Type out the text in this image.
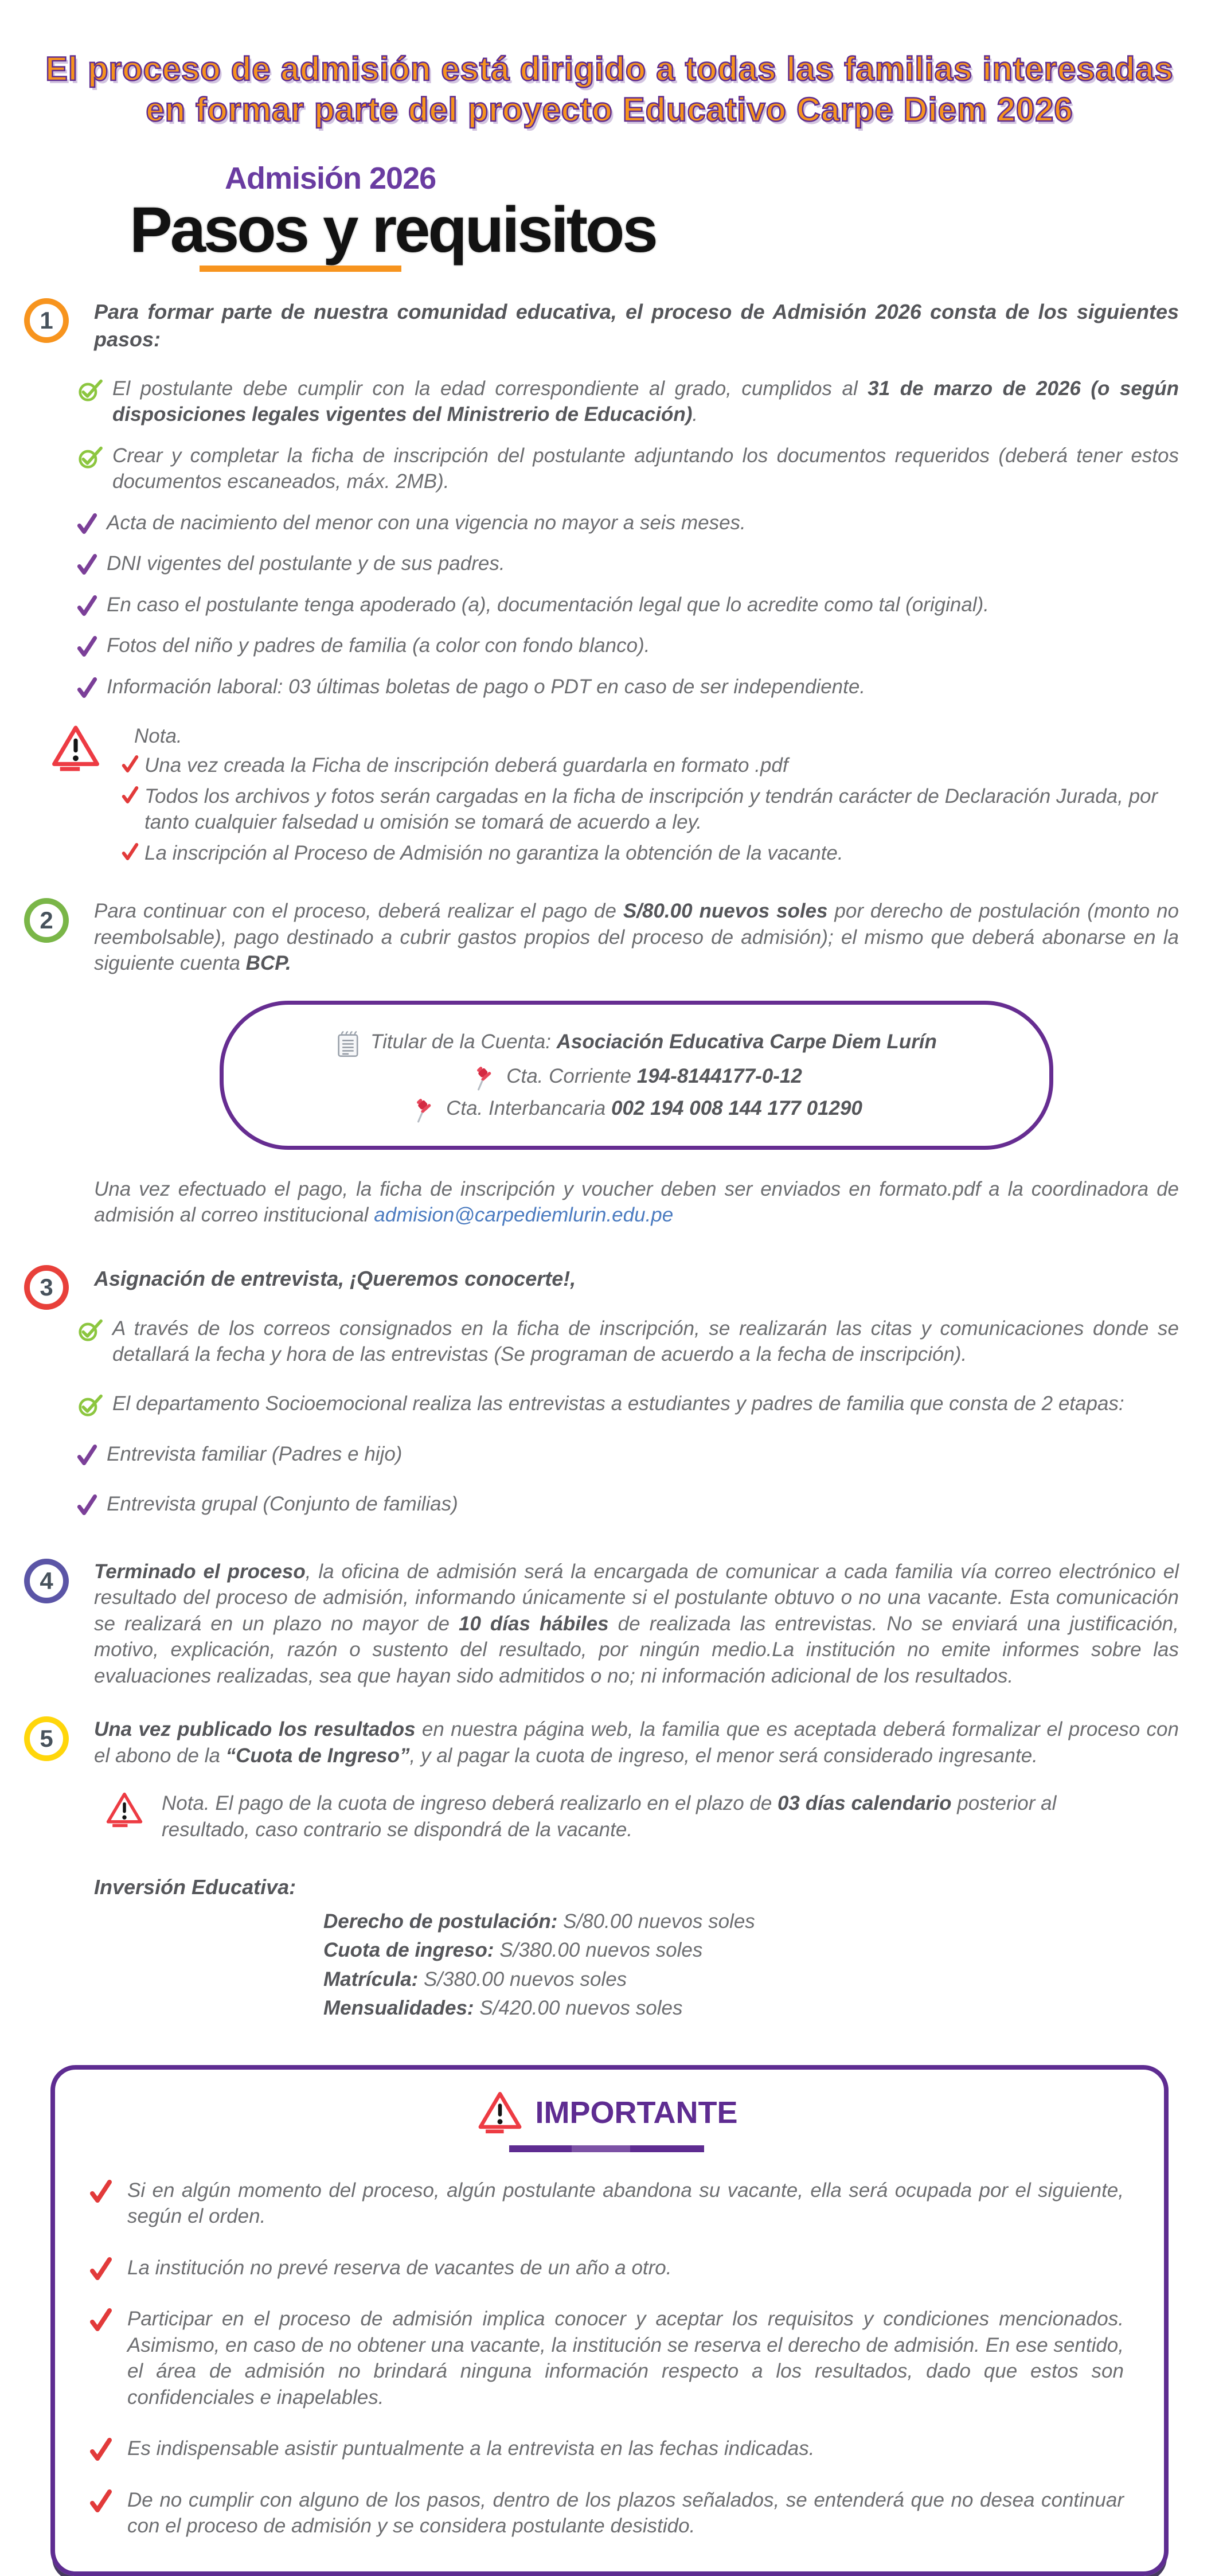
El proceso de admisión está dirigido a todas las familias interesadas
en formar parte del proyecto Educativo Carpe Diem 2026
Admisión 2026
Pasos y requisitos
1 Para formar parte de nuestra comunidad educativa, el proceso de Admisión 2026 consta de los siguientes pasos:

El postulante debe cumplir con la edad correspondiente al grado, cumplidos al 31 de marzo de 2026 (o según disposiciones legales vigentes del Ministrerio de Educación).

Crear y completar la ficha de inscripción del postulante adjuntando los documentos requeridos (deberá tener estos documentos escaneados, máx. 2MB).

Acta de nacimiento del menor con una vigencia no mayor a seis meses.

DNI vigentes del postulante y de sus padres.

En caso el postulante tenga apoderado (a), documentación legal que lo acredite como tal (original).

Fotos del niño y padres de familia (a color con fondo blanco).

Información laboral: 03 últimas boletas de pago o PDT en caso de ser independiente.

Nota.

Una vez creada la Ficha de inscripción deberá guardarla en formato .pdf

Todos los archivos y fotos serán cargadas en la ficha de inscripción y tendrán carácter de Declaración Jurada, por tanto cualquier falsedad u omisión se tomará de acuerdo a ley.

La inscripción al Proceso de Admisión no garantiza la obtención de la vacante.

2 Para continuar con el proceso, deberá realizar el pago de S/80.00 nuevos soles por derecho de postulación (monto no reembolsable), pago destinado a cubrir gastos propios del proceso de admisión); el mismo que deberá abonarse en la siguiente cuenta BCP.

Titular de la Cuenta: Asociación Educativa Carpe Diem Lurín

Cta. Corriente 194-8144177-0-12

Cta. Interbancaria 002 194 008 144 177 01290

Una vez efectuado el pago, la ficha de inscripción y voucher deben ser enviados en formato.pdf a la coordinadora de admisión al correo institucional admision@carpediemlurin.edu.pe

3 Asignación de entrevista, ¡Queremos conocerte!,

A través de los correos consignados en la ficha de inscripción, se realizarán las citas y comunicaciones donde se detallará la fecha y hora de las entrevistas (Se programan de acuerdo a la fecha de inscripción).

El departamento Socioemocional realiza las entrevistas a estudiantes y padres de familia que consta de 2 etapas:

Entrevista familiar (Padres e hijo)

Entrevista grupal (Conjunto de familias)

4 Terminado el proceso, la oficina de admisión será la encargada de comunicar a cada familia vía correo electrónico el resultado del proceso de admisión, informando únicamente si el postulante obtuvo o no una vacante. Esta comunicación se realizará en un plazo no mayor de 10 días hábiles de realizada las entrevistas. No se enviará una justificación, motivo, explicación, razón o sustento del resultado, por ningún medio.La institución no emite informes sobre las evaluaciones realizadas, sea que hayan sido admitidos o no; ni información adicional de los resultados.

5 Una vez publicado los resultados en nuestra página web, la familia que es aceptada deberá formalizar el proceso con el abono de la “Cuota de Ingreso”, y al pagar la cuota de ingreso, el menor será considerado ingresante.

Nota. El pago de la cuota de ingreso deberá realizarlo en el plazo de 03 días calendario posterior al resultado, caso contrario se dispondrá de la vacante.

Inversión Educativa:

Derecho de postulación: S/80.00 nuevos soles

Cuota de ingreso: S/380.00 nuevos soles

Matrícula: S/380.00 nuevos soles

Mensualidades: S/420.00 nuevos soles

IMPORTANTE

Si en algún momento del proceso, algún postulante abandona su vacante, ella será ocupada por el siguiente, según el orden.

La institución no prevé reserva de vacantes de un año a otro.

Participar en el proceso de admisión implica conocer y aceptar los requisitos y condiciones mencionados. Asimismo, en caso de no obtener una vacante, la institución se reserva el derecho de admisión. En ese sentido, el área de admisión no brindará ninguna información respecto a los resultados, dado que estos son confidenciales e inapelables.

Es indispensable asistir puntualmente a la entrevista en las fechas indicadas.

De no cumplir con alguno de los pasos, dentro de los plazos señalados, se entenderá que no desea continuar con el proceso de admisión y se considera postulante desistido.
